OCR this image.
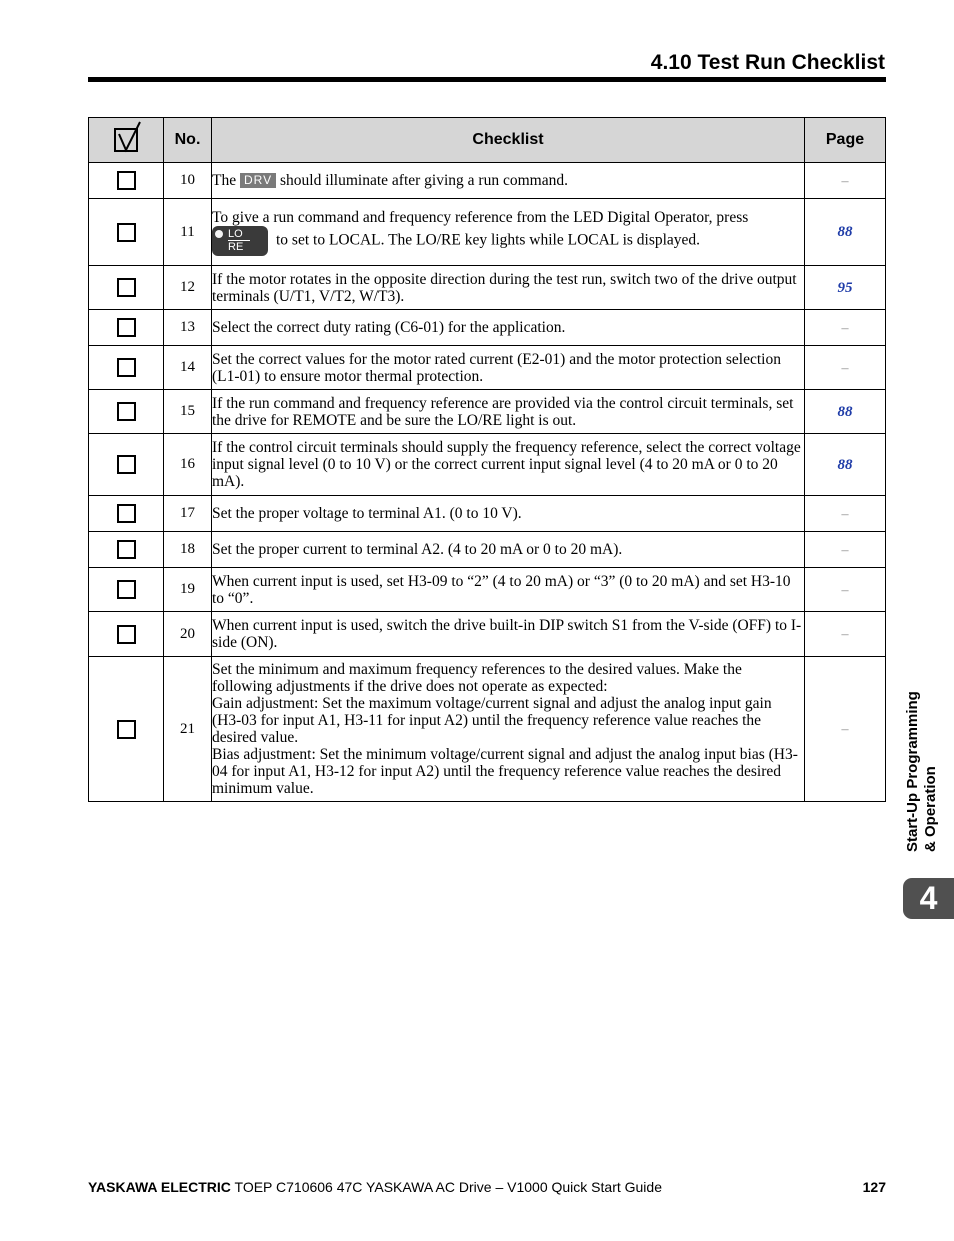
4.10 Test Run Checklist
	No.	Checklist	Page
	10	The DRV should illuminate after giving a run command.	–
	11	To give a run command and frequency reference from the LED Digital Operator, press

LO
RE to set to LOCAL. The LO/RE key lights while LOCAL is displayed.	88
	12	If the motor rotates in the opposite direction during the test run, switch two of the drive output terminals (U/T1, V/T2, W/T3).	95
	13	Select the correct duty rating (C6-01) for the application.	–
	14	Set the correct values for the motor rated current (E2-01) and the motor protection selection (L1-01) to ensure motor thermal protection.	–
	15	If the run command and frequency reference are provided via the control circuit terminals, set the drive for REMOTE and be sure the LO/RE light is out.	88
	16	If the control circuit terminals should supply the frequency reference, select the correct voltage input signal level (0 to 10 V) or the correct current input signal level (4 to 20 mA or 0 to 20 mA).	88
	17	Set the proper voltage to terminal A1. (0 to 10 V).	–
	18	Set the proper current to terminal A2. (4 to 20 mA or 0 to 20 mA).	–
	19	When current input is used, set H3-09 to “2” (4 to 20 mA) or “3” (0 to 20 mA) and set H3-10 to “0”.	–
	20	When current input is used, switch the drive built-in DIP switch S1 from the V-side (OFF) to I-side (ON).	–
	21	Set the minimum and maximum frequency references to the desired values. Make the following adjustments if the drive does not operate as expected:
Gain adjustment: Set the maximum voltage/current signal and adjust the analog input gain (H3-03 for input A1, H3-11 for input A2) until the frequency reference value reaches the desired value.
Bias adjustment: Set the minimum voltage/current signal and adjust the analog input bias (H3-04 for input A1, H3-12 for input A2) until the frequency reference value reaches the desired minimum value.	–	Start-Up Programming & Operation
4
YASKAWA ELECTRIC TOEP C710606 47C YASKAWA AC Drive – V1000 Quick Start Guide	127
